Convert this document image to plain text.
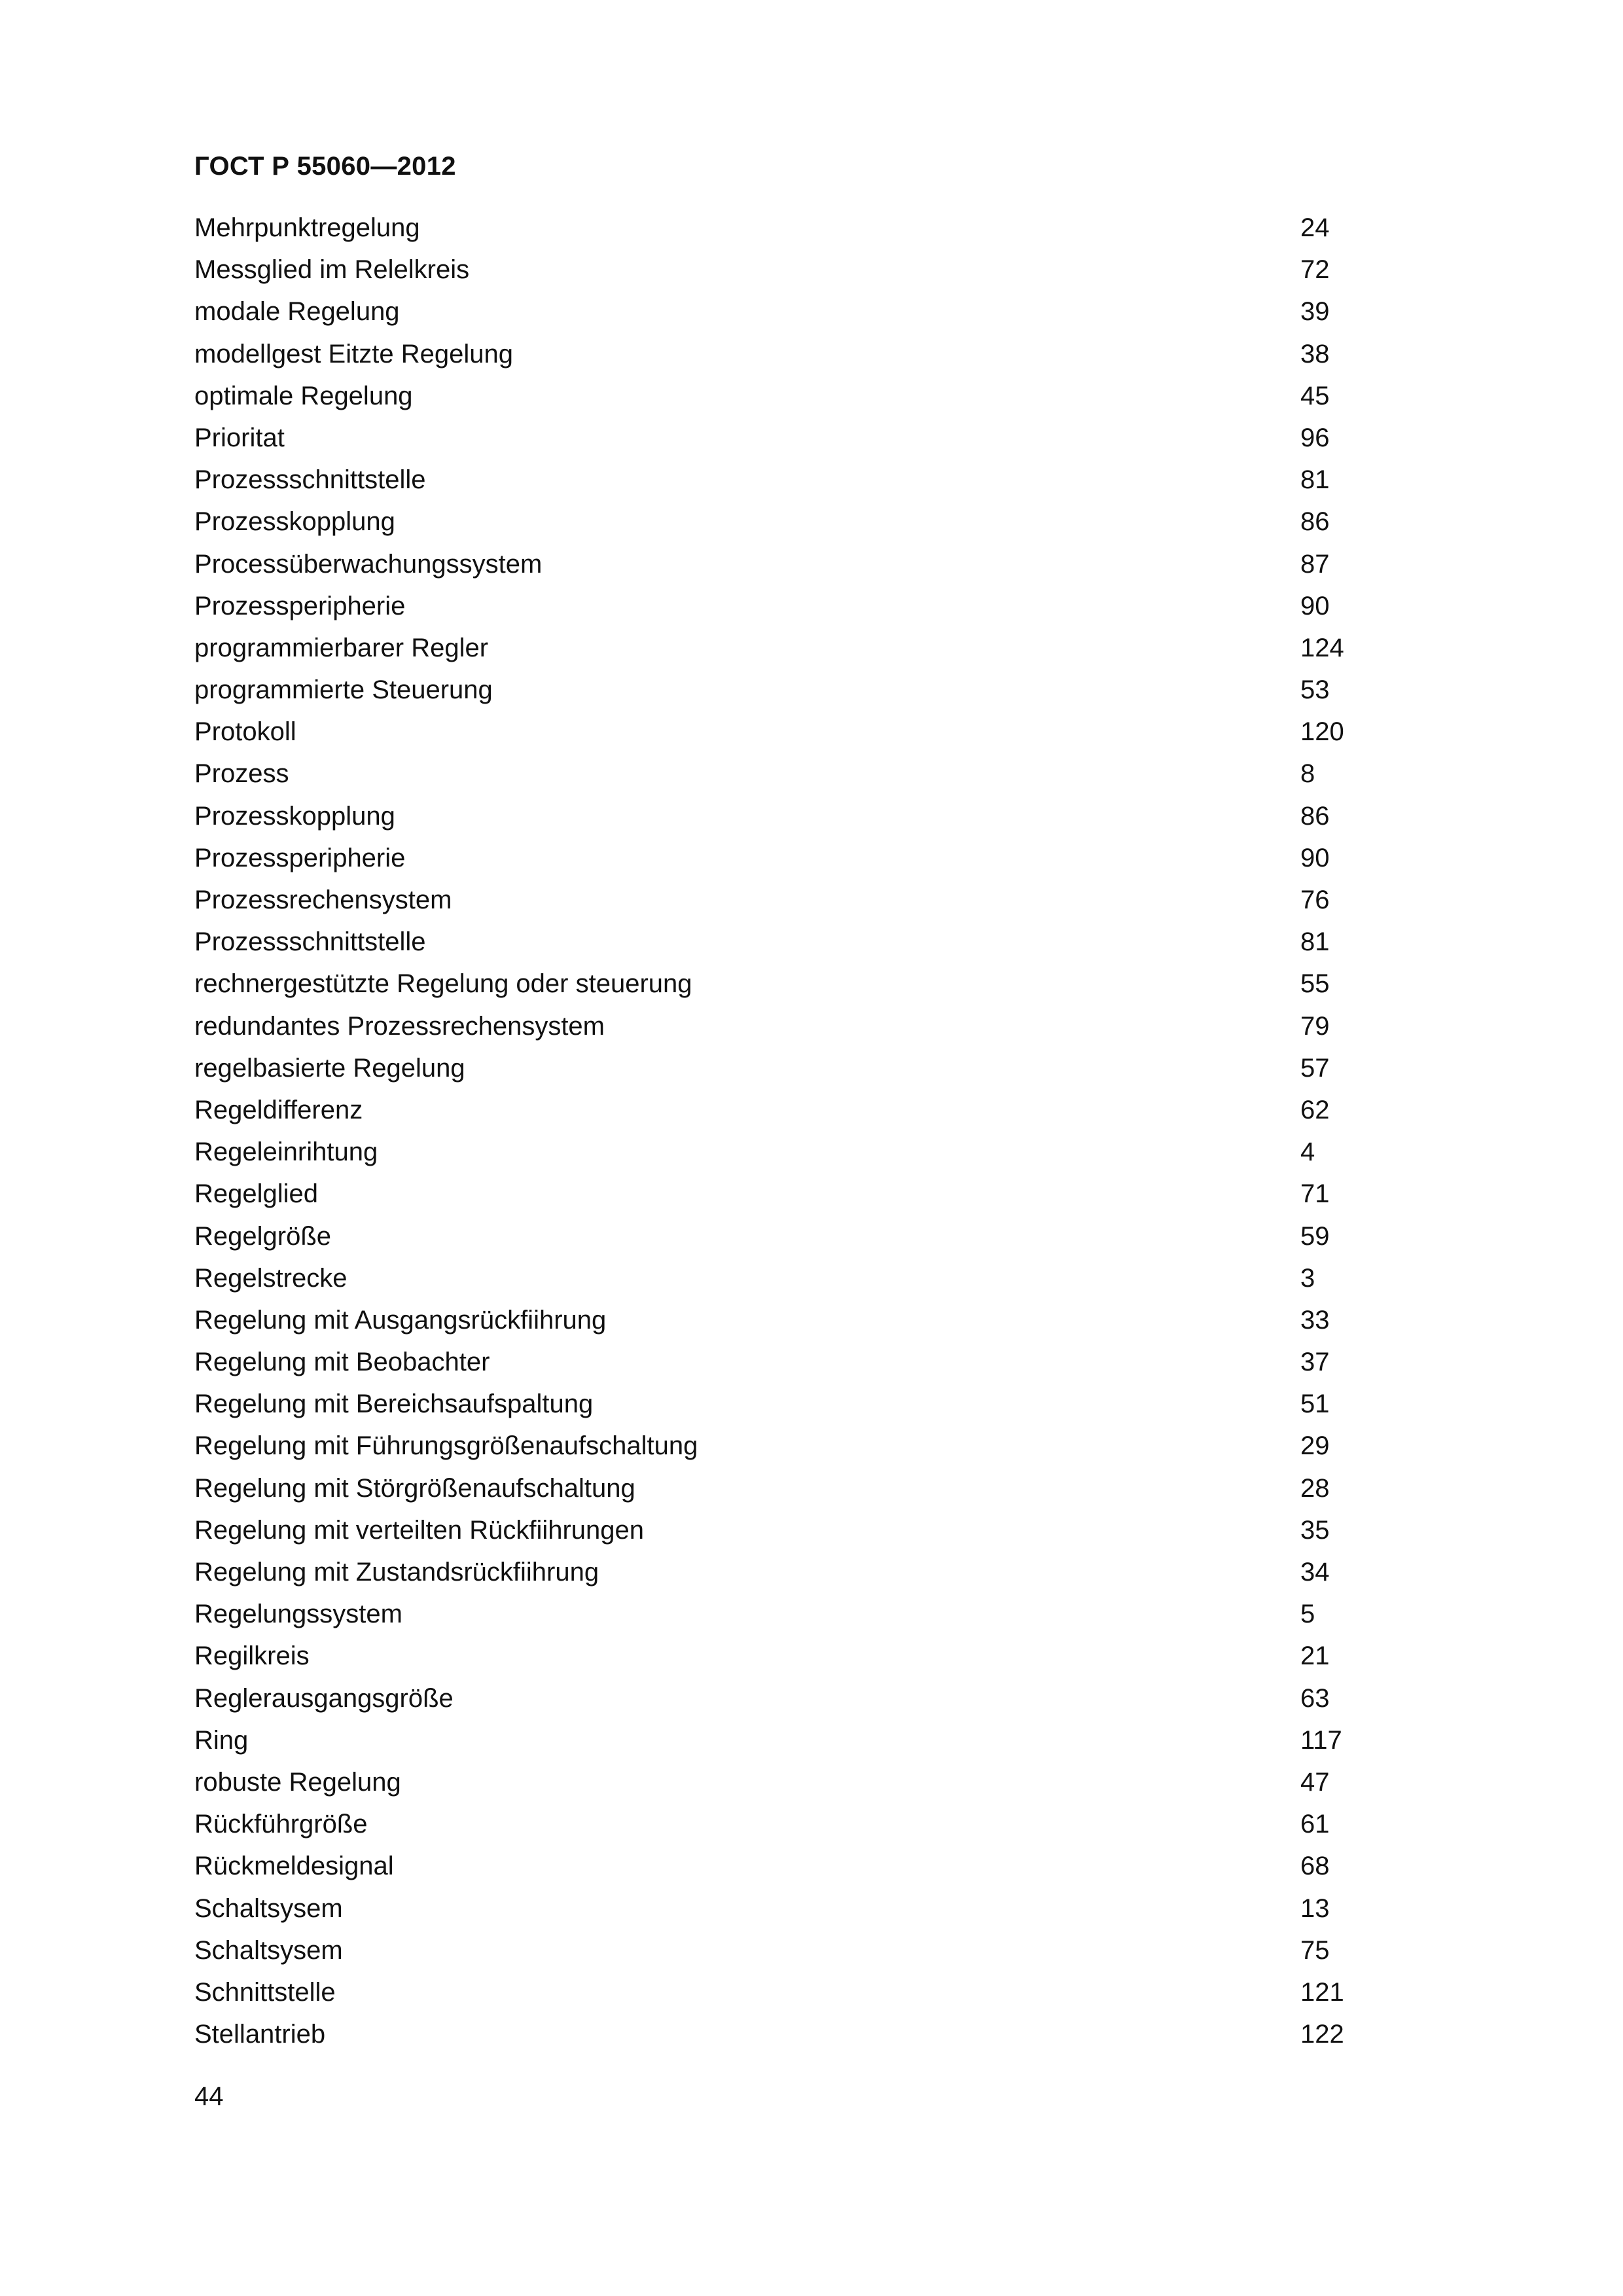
ГОСТ Р 55060—2012
Mehrpunktregelung	24
Messglied im Relelkreis	72
modale Regelung	39
modellgest Eitzte Regelung	38
optimale Regelung	45
Prioritat	96
Prozessschnittstelle	81
Prozesskopplung	86
Processüberwachungssystem	87
Prozessperipherie	90
programmierbarer Regler	124
programmierte Steuerung	53
Protokoll	120
Prozess	8
Prozesskopplung	86
Prozessperipherie	90
Prozessrechensystem	76
Prozessschnittstelle	81
rechnergestützte Regelung oder steuerung	55
redundantes Prozessrechensystem	79
regelbasierte Regelung	57
Regeldifferenz	62
Regeleinrihtung	4
Regelglied	71
Regelgröße	59
Regelstrecke	3
Regelung mit Ausgangsrückfiihrung	33
Regelung mit Beobachter	37
Regelung mit Bereichsaufspaltung	51
Regelung mit Führungsgrößenaufschaltung	29
Regelung mit Störgrößenaufschaltung	28
Regelung mit verteilten Rückfiihrungen	35
Regelung mit Zustandsrückfiihrung	34
Regelungssystem	5
Regilkreis	21
Reglerausgangsgröße	63
Ring	117
robuste Regelung	47
Rückführgröße	61
Rückmeldesignal	68
Schaltsysem	13
Schaltsysem	75
Schnittstelle	121
Stellantrieb	122
44
